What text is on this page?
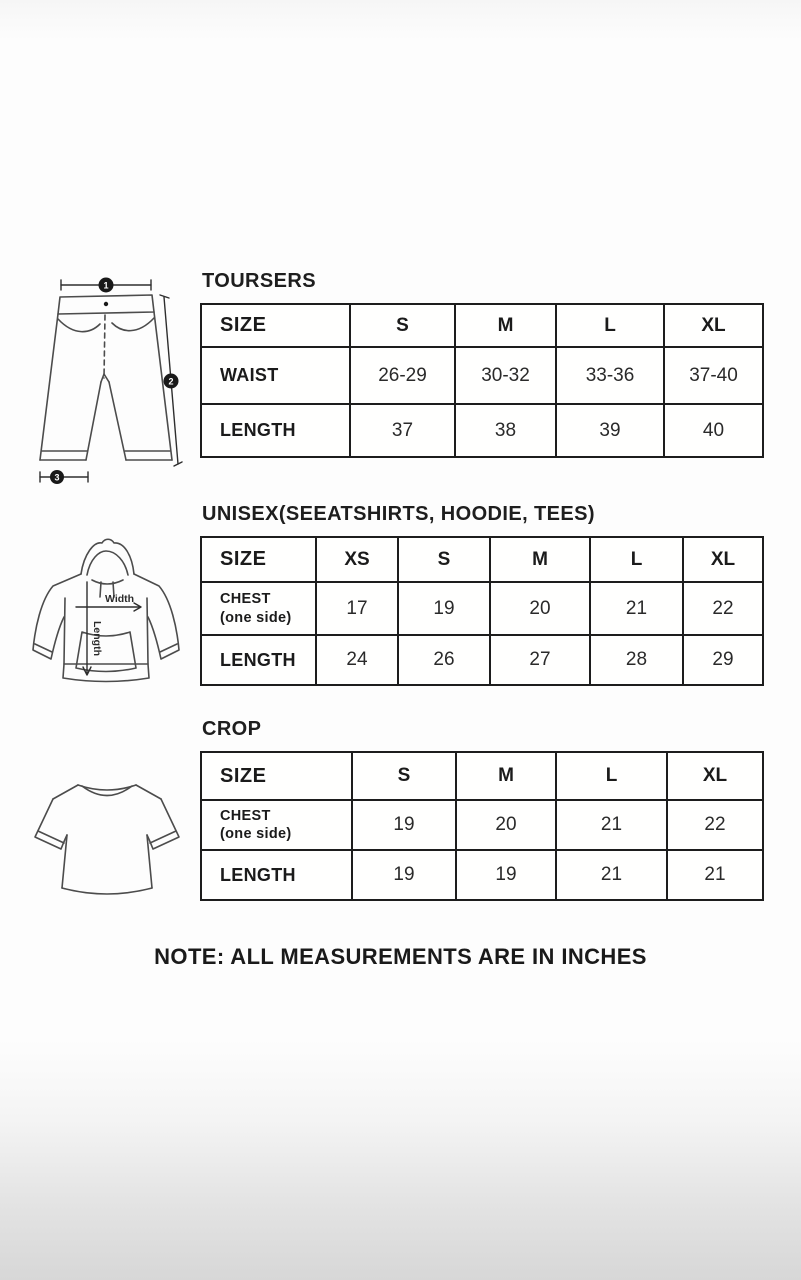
1
2
3
TOURSERS
SIZE	S	M	L	XL
WAIST	26-29	30-32	33-36	37-40
LENGTH	37	38	39	40
Width
Length
UNISEX(SEEATSHIRTS, HOODIE, TEES)
SIZE	XS	S	M	L	XL

CHEST
(one side)	17	19	20	21	22
LENGTH	24	26	27	28	29
CROP
SIZE	S	M	L	XL

CHEST
(one side)	19	20	21	22
LENGTH	19	19	21	21
NOTE: ALL MEASUREMENTS ARE IN INCHES
